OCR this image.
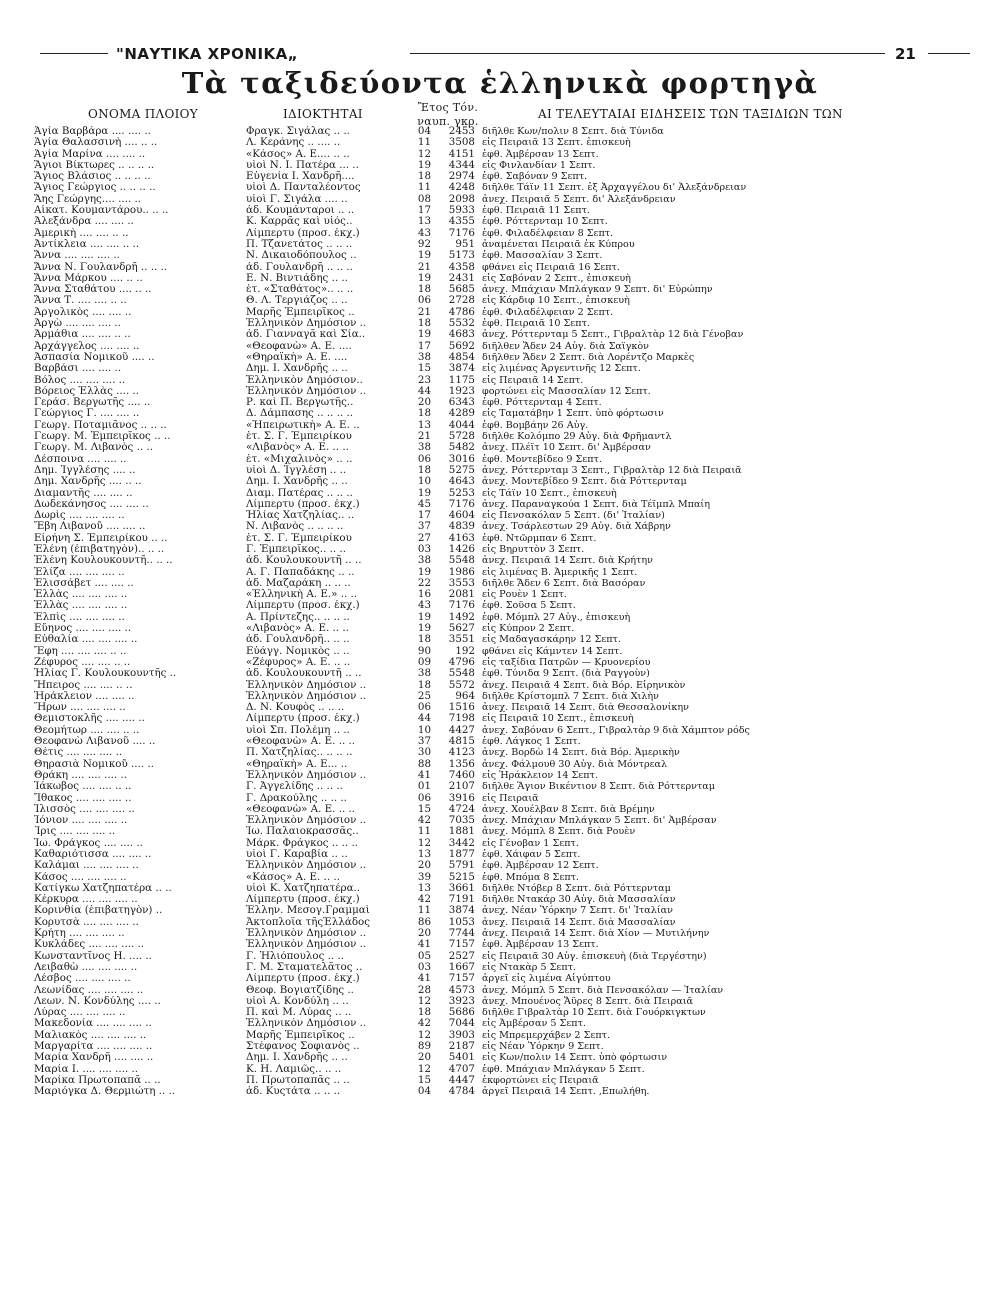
"ΝΑΥΤΙΚΑ ΧΡΟΝΙΚΑ„	21
Τὰ ταξιδεύοντα ἑλληνικὰ φορτηγὰ
ΟΝΟΜΑ ΠΛΟΙΟΥ	ΙΔΙΟΚΤΗΤΑΙ	Ἔτος Τόν. ναυπ. γκρ.
ΑΙ ΤΕΛΕΥΤΑΙΑΙ ΕΙΔΗΣΕΙΣ ΤΩΝ ΤΑΞΙΔΙΩΝ ΤΩΝ
Ἁγία Βαρβάρα .... .... ..	Φραγκ. Σιγάλας .. ..	04	2453 διῆλθε Κων/πολιν 8 Σεπτ. διὰ Τύνιδα
Ἁγία Θαλασσινὴ .... .. ..	Λ. Κεράνης .. .... ..	11	3508 εἰς Πειραιᾶ 13 Σεπτ. ἐπισκευὴ
Ἁγία Μαρίνα .... .... ..	«Κάσος» Α. Ε.... .. ..	12	4151 ἐφθ. Ἀμβέρσαν 13 Σεπτ.
Ἅγιοι Βίκτωρες .. .. .. ..	υἱοὶ Ν. Ι. Πατέρα ... ..	19	4344 εἰς Φινλανδίαν 1 Σεπτ.
Ἅγιος Βλάσιος .. .. .. ..	Εὐγενία Ι. Χανδρῆ....	18	2974 ἐφθ. Σαβόναν 9 Σεπτ.
Ἅγιος Γεώργιος .. .. .. ..	υἱοὶ Δ. Πανταλέοντος	11	4248 διῆλθε Τάϊν 11 Σεπτ. ἐξ Ἀρχαγγέλου δι' Ἀλεξάνδρειαν
Ἄης Γεώργης.... .... ..	υἱοὶ Γ. Σιγάλα .... ..	08	2098 ἀνεχ. Πειραιᾶ 5 Σεπτ. δι' Ἀλεξάνδρειαν
Αἰκατ. Κουμαντάρου.. .. ..	ἀδ. Κουμάνταροι .. ..	17	5933 ἐφθ. Πειραιᾶ 11 Σεπτ.
Ἀλεξάνδρα .... .... ..	Κ. Καρρᾶς καὶ υἱός..	13	4355 ἐφθ. Ρόττερνταμ 10 Σεπτ.
Ἀμερικὴ .... .... .. ..	Λίμπερτυ (προσ. ἐκχ.)	43	7176 ἐφθ. Φιλαδέλφειαν 8 Σεπτ.
Ἀντίκλεια .... .... .. ..	Π. Τζανετάτος .. .. ..	92	951 ἀναμένεται Πειραιᾶ ἐκ Κύπρου
Ἄννα .... .... .... ..	Ν. Δικαιοδόπουλος ..	19	5173 ἐφθ. Μασσαλίαν 3 Σεπτ.
Ἄννα Ν. Γουλανδρῆ .. .. ..	ἀδ. Γουλανδρῆ .. .. ..	21	4358 φθάνει εἰς Πειραιᾶ 16 Σεπτ.
Ἄννα Μάρκου .... .. ..	Ε. Ν. Βιντιάδης .. ..	19	2431 εἰς Σαβόναν 2 Σεπτ., ἐπισκευὴ
Ἄννα Σταθάτου .... .. ..	ἑτ. «Σταθάτος».. .. ..	18	5685 ἀνεχ. Μπάχιαν Μπλάγκαν 9 Σεπτ. δι' Εὐρώπην
Ἄννα Τ. .... .... .. ..	Θ. Λ. Τεργιάζος .. ..	06	2728 εἰς Κάρδιφ 10 Σεπτ., ἐπισκευὴ
Ἀργολικὸς .... .... ..	Μαρῆς Ἐμπειρῖκος ..	21	4786 ἐφθ. Φιλαδέλφειαν 2 Σεπτ.
Ἀργὼ .... .... .... ..	Ἑλληνικὸν Δημόσιον ..	18	5532 ἐφθ. Πειραιᾶ 10 Σεπτ.
Ἀρμάθια .... .... .. ..	ἀδ. Γιανναγᾶ καὶ Σία..	19	4683 ἀνεχ. Ρόττερνταμ 5 Σεπτ., Γιβραλτὰρ 12 διὰ Γένοβαν
Ἀρχάγγελος .... .... ..	«Θεοφανὼ» Α. Ε. ....	17	5692 διῆλθεν Ἄδεν 24 Αὐγ. διὰ Σαϊγκὸν
Ἀσπασία Νομικοῦ .... ..	«Θηραϊκὴ» Α. Ε. ....	38	4854 διῆλθεν Ἄδεν 2 Σεπτ. διὰ Λορέντζο Μαρκὲς
Βαρβάσι .... .... ..	Δημ. Ι. Χανδρῆς .. ..	15	3874 εἰς λιμένας Ἀργεντινῆς 12 Σεπτ.
Βόλος .... .... .... ..	Ἑλληνικὸν Δημόσιον..	23	1175 εἰς Πειραιᾶ 14 Σεπτ.
Βόρειος Ἑλλὰς .... ..	Ἑλληνικὸν Δημόσιον ..	44	1923 φορτώνει εἰς Μασσαλίαν 12 Σεπτ.
Γεράσ. Βεργωτῆς .... ..	Ρ. καὶ Π. Βεργωτῆς..	20	6343 ἐφθ. Ρόττερνταμ 4 Σεπτ.
Γεώργιος Γ. .... .... ..	Δ. Δάμπασης .. .. .. ..	18	4289 εἰς Ταματάβην 1 Σεπτ. ὑπὸ φόρτωσιν
Γεωργ. Ποταμιᾶνος .. .. ..	«Ἠπειρωτικὴ» Α. Ε. ..	13	4044 ἐφθ. Βομβάην 26 Αὐγ.
Γεωργ. Μ. Ἐμπειρῖκος .. ..	ἑτ. Σ. Γ. Ἐμπειρίκου	21	5728 διῆλθε Κολόμπο 29 Αὐγ. διὰ Φρῆμαντλ
Γεωργ. Μ. Λιβανὸς .. ..	«Λιβανὸς» Α. Ε. .. ..	38	5482 ἀνεχ. Πλέϊτ 10 Σεπτ. δι' Ἀμβέρσαν
Δέσποινα .... .... ..	ἑτ. «Μιχαλινὸς» .. ..	06	3016 ἐφθ. Μοντεβίδεο 9 Σεπτ.
Δημ. Ἰγγλέσης .... ..	υἱοὶ Δ. Ἰγγλέση .. ..	18	5275 ἀνεχ. Ρόττερνταμ 3 Σεπτ., Γιβραλτὰρ 12 διὰ Πειραιᾶ
Δημ. Χανδρῆς .... .. ..	Δημ. Ι. Χανδρῆς .. ..	10	4643 ἀνεχ. Μοντεβίδεο 9 Σεπτ. διὰ Ρόττερνταμ
Διαμαντῆς .... .... ..	Διαμ. Πατέρας .. .. ..	19	5253 εἰς Τάϊν 10 Σεπτ., ἐπισκευὴ
Δωδεκάνησος .... .... ..	Λίμπερτυ (προσ. ἐκχ.)	45	7176 ἀνεχ. Παραναγκούα 1 Σεπτ. διὰ Τέϊμπλ Μπαίη
Δωρὶς .... .... .... ..	Ἠλίας Χατζηλίας.. ..	17	4604 εἰς Πενσακόλαν 5 Σεπτ. (δι' Ἰταλίαν)
Ἔβη Λιβανοῦ .... .... ..	Ν. Λιβανὸς .. .. .. ..	37	4839 ἀνεχ. Τσάρλεστων 29 Αὐγ. διὰ Χάβρην
Εἰρήνη Σ. Ἐμπειρίκου .. ..	ἑτ. Σ. Γ. Ἐμπειρίκου	27	4163 ἐφθ. Ντῶρμπαν 6 Σεπτ.
Ἑλένη (ἐπιβατηγὸν).. .. ..	Γ. Ἐμπειρῖκος.. .. ..	03	1426 εἰς Βηρυττὸν 3 Σεπτ.
Ἑλένη Κουλουκουντῆ.. .. ..	ἀδ. Κουλουκουντῆ .. ..	38	5548 ἀνεχ. Πειραιᾶ 14 Σεπτ. διὰ Κρήτην
Ἑλίζα .... .... .... ..	Α. Γ. Παπαδάκης .. ..	19	1986 εἰς λιμένας Β. Ἀμερικῆς 1 Σεπτ.
Ἑλισσάβετ .... .... ..	ἀδ. Μαζαράκη .. .. ..	22	3553 διῆλθε Ἄδεν 6 Σεπτ. διὰ Βασόραν
Ἑλλὰς .... .... .... ..	«Ἑλληνικὴ Α. Ε.» .. ..	16	2081 εἰς Ρουὲν 1 Σεπτ.
Ἑλλὰς .... .... .... ..	Λίμπερτυ (προσ. ἐκχ.)	43	7176 ἐφθ. Σοῦσα 5 Σεπτ.
Ἐλπὶς .... .... .... ..	Α. Πρίντεζης.. .. .. ..	19	1492 ἐφθ. Μόμπλ 27 Αὐγ., ἐπισκευὴ
Εὔηνος .... .... .... ..	«Λιβανὸς» Α. Ε. .. ..	19	5627 εἰς Κύπρον 2 Σεπτ.
Εὐθαλία .... .... .... ..	ἀδ. Γουλανδρῆ.. .. ..	18	3551 εἰς Μαδαγασκάρην 12 Σεπτ.
Ἔφη .... .... .... .. ..	Εὐάγγ. Νομικὸς .. ..	90	192 φθάνει εἰς Κάμντεν 14 Σεπτ.
Ζέφυρος .... .... .. ..	«Ζέφυρος» Α. Ε. .. ..	09	4796 εἰς ταξίδια Πατρῶν — Κρυονερίου
Ἡλίας Γ. Κουλουκουντῆς ..	ἀδ. Κουλουκουντῆ .. ..	38	5548 ἐφθ. Τύνιδα 9 Σεπτ. (διὰ Ραγγοὺν)
Ἤπειρος .... .... .. ..	Ἑλληνικὸν Δημόσιον ..	18	5572 ἀνεχ. Πειραιᾶ 4 Σεπτ. διὰ Βόρ. Εἰρηνικὸν
Ἡράκλειον .... .... ..	Ἑλληνικὸν Δημόσιον ..	25	964 διῆλθε Κρίστομπλ 7 Σεπτ. διὰ Χιλὴν
Ἥρων .... .... .... ..	Δ. Ν. Κουφὸς .. .. ..	06	1516 ἀνεχ. Πειραιᾶ 14 Σεπτ. διὰ Θεσσαλονίκην
Θεμιστοκλῆς .... .... ..	Λίμπερτυ (προσ. ἐκχ.)	44	7198 εἰς Πειραιᾶ 10 Σεπτ., ἐπισκευὴ
Θεομήτωρ .... .... .. ..	υἱοὶ Σπ. Πολέμη .. ..	10	4427 ἀνεχ. Σαβόναν 6 Σεπτ., Γιβραλτὰρ 9 διὰ Χάμπτον ρόδς
Θεοφανὼ Λιβανοῦ .... ..	«Θεοφανὼ» Α. Ε. .. ..	37	4815 ἐφθ. Λάγκος 1 Σεπτ.
Θέτις .... .... .... ..	Π. Χατζηλίας.. .. .. ..	30	4123 ἀνεχ. Βορδὼ 14 Σεπτ. διὰ Βόρ. Ἀμερικὴν
Θηρασιὰ Νομικοῦ .... ..	«Θηραϊκὴ» Α. Ε... ..	88	1356 ἀνεχ. Φάλμουθ 30 Αὐγ. διὰ Μόντρεαλ
Θράκη .... .... .... ..	Ἑλληνικὸν Δημόσιον ..	41	7460 εἰς Ἡράκλειον 14 Σεπτ.
Ἰάκωβος .... .... .. ..	Γ. Ἀγγελίδης .. .. ..	01	2107 διῆλθε Ἅγιον Βικέντιον 8 Σεπτ. διὰ Ρόττερνταμ
Ἴθακος .... .... .... ..	Γ. Δρακούλης .. .. ..	06	3916 εἰς Πειραιᾶ
Ἰλισσὸς .... .... .... ..	«Θεοφανὼ» Α. Ε. .. ..	15	4724 ἀνεχ. Χουέλβαν 8 Σεπτ. διὰ Βρέμην
Ἰόνιον .... .... .... ..	Ἑλληνικὸν Δημόσιον ..	42	7035 ἀνεχ. Μπάχιαν Μπλάγκαν 5 Σεπτ. δι' Ἀμβέρσαν
Ἶρις .... .... .... ..	Ἰω. Παλαιοκρασσᾶς..	11	1881 ἀνεχ. Μόμπλ 8 Σεπτ. διὰ Ρουὲν
Ἰω. Φράγκος .... .... ..	Μάρκ. Φράγκος .. .. ..	12	3442 εἰς Γένοβαν 1 Σεπτ.
Καθαριότισσα .... .... ..	υἱοὶ Γ. Καραβία .. ..	13	1877 ἐφθ. Χάιφαν 5 Σεπτ.
Καλάμαι .... .... .... ..	Ἑλληνικὸν Δημόσιον ..	20	5791 ἐφθ. Ἀμβέρσαν 12 Σεπτ.
Κάσος .... .... .... ..	«Κάσος» Α. Ε. .. ..	39	5215 ἐφθ. Μπόμα 8 Σεπτ.
Κατίγκω Χατζηπατέρα .. ..	υἱοὶ Κ. Χατζηπατέρα..	13	3661 διῆλθε Ντόβερ 8 Σεπτ. διὰ Ρόττερνταμ
Κέρκυρα .... .... .... ..	Λίμπερτυ (προσ. ἐκχ.)	42	7191 διῆλθε Ντακάρ 30 Αὐγ. διὰ Μασσαλίαν
Κορινθία (ἐπιβατηγὸν) ..	Ἑλλην. Μεσογ.Γραμμαὶ	11	3874 ἀνεχ. Νέαν Ὑόρκην 7 Σεπτ. δι' Ἰταλίαν
Κορυτσὰ .... .... .... ..	Ἀκτοπλοΐα τῆςἙλλάδος	86	1053 ἀνεχ. Πειραιᾶ 14 Σεπτ. διὰ Μασσαλίαν
Κρήτη .... .... .... ..	Ἑλληνικὸν Δημόσιον ..	20	7744 ἀνεχ. Πειραιᾶ 14 Σεπτ. διὰ Χίον — Μυτιλήνην
Κυκλάδες .... .... .... ..	Ἑλληνικὸν Δημόσιον ..	41	7157 ἐφθ. Ἀμβέρσαν 13 Σεπτ.
Κωνσταντῖνος Η. .... ..	Γ. Ἡλιόπουλος .. ..	05	2527 εἰς Πειραιᾶ 30 Αὐγ. ἐπισκευὴ (διὰ Τεργέστην)
Λειβαθὼ .... .... .... ..	Γ. Μ. Σταματελᾶτος ..	03	1667 εἰς Ντακὰρ 5 Σεπτ.
Λέσβος .... .... .... ..	Λίμπερτυ (προσ. ἐκχ.)	41	7157 ἀργεῖ εἰς λιμένα Αἰγύπτου
Λεωνίδας .... .... .... ..	Θεοφ. Βογιατζίδης ..	28	4573 ἀνεχ. Μόμπλ 5 Σεπτ. διὰ Πενσακόλαν — Ἰταλίαν
Λεων. Ν. Κονδύλης .... ..	υἱοὶ Α. Κονδύλη .. ..	12	3923 ἀνεχ. Μπουένος Ἄϋρες 8 Σεπτ. διὰ Πειραιᾶ
Λύρας .... .... .... ..	Π. καὶ Μ. Λύρας .. ..	18	5686 διῆλθε Γιβραλτὰρ 10 Σεπτ. διὰ Γουόρκιγκτων
Μακεδονία .... .... .... ..	Ἑλληνικὸν Δημόσιον ..	42	7044 εἰς Ἀμβέρσαν 5 Σεπτ.
Μαλιακὸς .... .... .... ..	Μαρῆς Ἐμπειρῖκος ..	12	3903 εἰς Μπρεμερχάβεν 2 Σεπτ.
Μαργαρίτα .... .... .... ..	Στέφανος Σοφιανὸς ..	89	2187 εἰς Νέαν Ὑόρκην 9 Σεπτ.
Μαρία Χανδρῆ .... .... ..	Δημ. Ι. Χανδρῆς .. ..	20	5401 εἰς Κων/πολιν 14 Σεπτ. ὑπὸ φόρτωσιν
Μαρία Ι. .... .... .... ..	Κ. Η. Λαμιῶς.. .. ..	12	4707 ἐφθ. Μπάχιαν Μπλάγκαν 5 Σεπτ.
Μαρίκα Πρωτοπαπᾶ .. ..	Π. Πρωτοπαπᾶς .. ..	15	4447 ἐκφορτώνει εἰς Πειραιᾶ
Μαριόγκα Δ. Θερμιώτη .. ..	ἀδ. Κυςτάτα .. .. ..	04	4784 ἀργεῖ Πειραιᾶ 14 Σεπτ. ,Επωλήθη.
